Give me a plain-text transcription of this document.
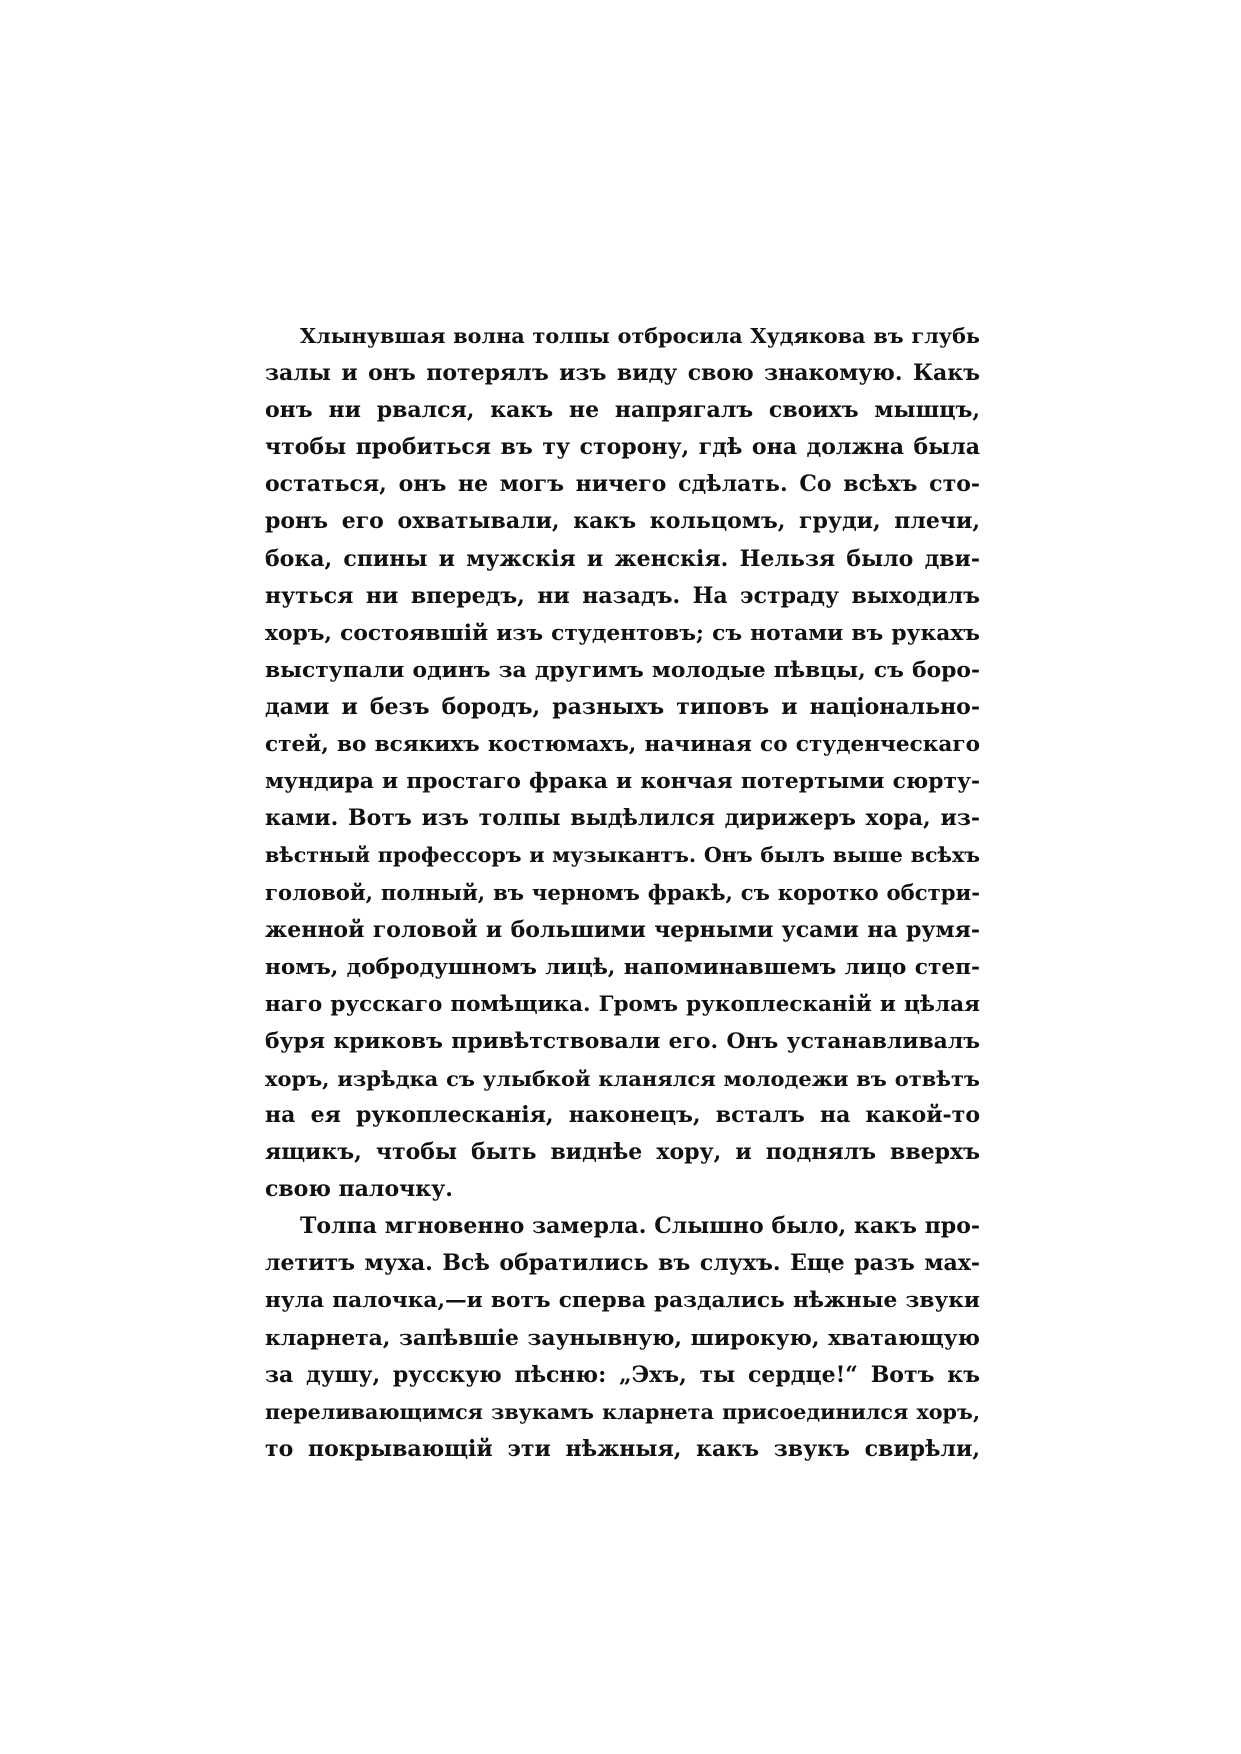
Хлынувшая волна толпы отбросила Худякова въ глубь
залы и онъ потерялъ изъ виду свою знакомую. Какъ
онъ ни рвался, какъ не напрягалъ своихъ мышцъ,
чтобы пробиться въ ту сторону, гдѣ она должна была
остаться, онъ не могъ ничего сдѣлать. Со всѣхъ сто-
ронъ его охватывали, какъ кольцомъ, груди, плечи,
бока, спины и мужскія и женскія. Нельзя было дви-
нуться ни впередъ, ни назадъ. На эстраду выходилъ
хоръ, состоявшій изъ студентовъ; съ нотами въ рукахъ
выступали одинъ за другимъ молодые пѣвцы, съ боро-
дами и безъ бородъ, разныхъ типовъ и національно-
стей, во всякихъ костюмахъ, начиная со студенческаго
мундира и простаго фрака и кончая потертыми сюрту-
ками. Вотъ изъ толпы выдѣлился дирижеръ хора, из-
вѣстный профессоръ и музыкантъ. Онъ былъ выше всѣхъ
головой, полный, въ черномъ фракѣ, съ коротко обстри-
женной головой и большими черными усами на румя-
номъ, добродушномъ лицѣ, напоминавшемъ лицо степ-
наго русскаго помѣщика. Громъ рукоплесканій и цѣлая
буря криковъ привѣтствовали его. Онъ устанавливалъ
хоръ, изрѣдка съ улыбкой кланялся молодежи въ отвѣтъ
на ея рукоплесканія, наконецъ, всталъ на какой-то
ящикъ, чтобы быть виднѣе хору, и поднялъ вверхъ
свою палочку.
Толпа мгновенно замерла. Слышно было, какъ про-
летитъ муха. Всѣ обратились въ слухъ. Еще разъ мах-
нула палочка,—и вотъ сперва раздались нѣжные звуки
кларнета, запѣвшіе заунывную, широкую, хватающую
за душу, русскую пѣсню: „Эхъ, ты сердце!“ Вотъ къ
переливающимся звукамъ кларнета присоединился хоръ,
то покрывающій эти нѣжныя, какъ звукъ свирѣли,
